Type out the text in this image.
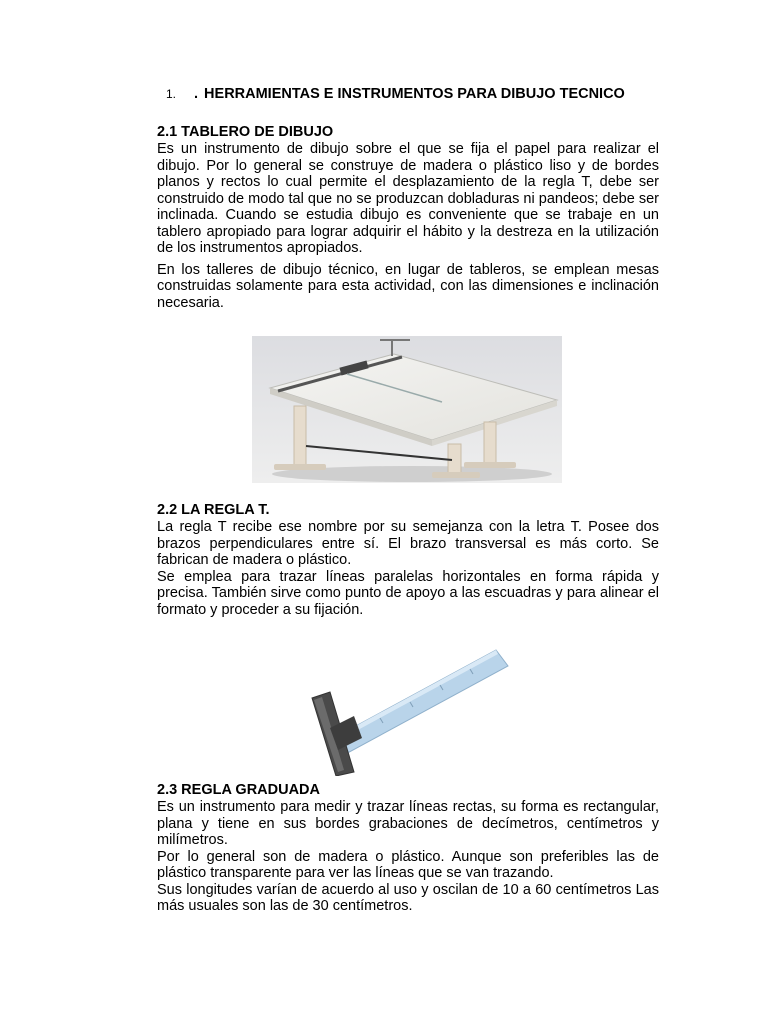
1. . HERRAMIENTAS E INSTRUMENTOS PARA DIBUJO TECNICO
2.1 TABLERO DE DIBUJO

Es un instrumento de dibujo sobre el que se fija el papel para realizar el dibujo. Por lo general se construye de madera o plástico liso y de bordes planos y rectos lo cual permite el desplazamiento de la regla T, debe ser construido de modo tal que no se produzcan dobladuras ni pandeos; debe ser inclinada. Cuando se estudia dibujo es conveniente que se trabaje en un tablero apropiado para lograr adquirir el hábito y la destreza en la utilización de los instrumentos apropiados.

En los talleres de dibujo técnico, en lugar de tableros, se emplean mesas construidas solamente para esta actividad, con las dimensiones e inclinación necesaria.

2.2 LA REGLA T.

La regla T recibe ese nombre por su semejanza con la letra T. Posee dos brazos perpendiculares entre sí. El brazo transversal es más corto. Se fabrican de madera o plástico.

Se emplea para trazar líneas paralelas horizontales en forma rápida y precisa. También sirve como punto de apoyo a las escuadras y para alinear el formato y proceder a su fijación.

2.3 REGLA GRADUADA

Es un instrumento para medir y trazar líneas rectas, su forma es rectangular, plana y tiene en sus bordes grabaciones de decímetros, centímetros y milímetros.

Por lo general son de madera o plástico. Aunque son preferibles las de plástico transparente para ver las líneas que se van trazando.

Sus longitudes varían de acuerdo al uso y oscilan de 10 a 60 centímetros Las más usuales son las de 30 centímetros.
